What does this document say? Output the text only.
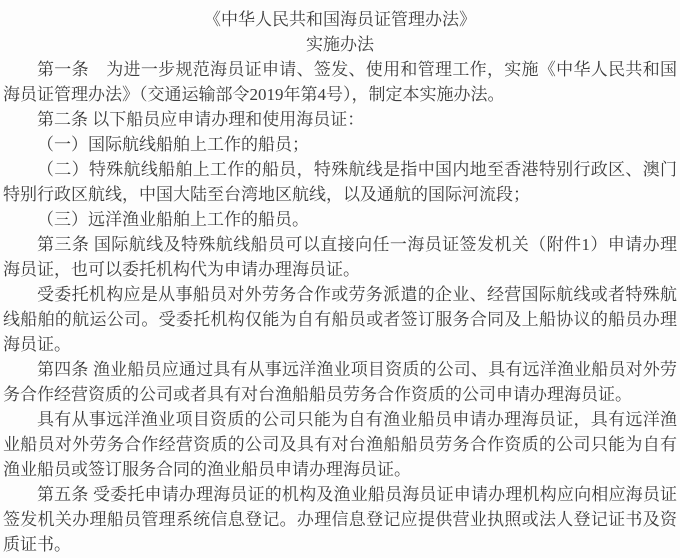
《中华人民共和国海员证管理办法》
实施办法

第一条　为进一步规范海员证申请、签发、使用和管理工作，实施《中华人民共和国海员证管理办法》（交通运输部令2019年第4号），制定本实施办法。

第二条 以下船员应申请办理和使用海员证：

（一）国际航线船舶上工作的船员；

（二）特殊航线船舶上工作的船员，特殊航线是指中国内地至香港特别行政区、澳门特别行政区航线，中国大陆至台湾地区航线，以及通航的国际河流段；

（三）远洋渔业船舶上工作的船员。

第三条 国际航线及特殊航线船员可以直接向任一海员证签发机关（附件1）申请办理海员证，也可以委托机构代为申请办理海员证。

受委托机构应是从事船员对外劳务合作或劳务派遣的企业、经营国际航线或者特殊航线船舶的航运公司。受委托机构仅能为自有船员或者签订服务合同及上船协议的船员办理海员证。

第四条 渔业船员应通过具有从事远洋渔业项目资质的公司、具有远洋渔业船员对外劳务合作经营资质的公司或者具有对台渔船船员劳务合作资质的公司申请办理海员证。

具有从事远洋渔业项目资质的公司只能为自有渔业船员申请办理海员证，具有远洋渔业船员对外劳务合作经营资质的公司及具有对台渔船船员劳务合作资质的公司只能为自有渔业船员或签订服务合同的渔业船员申请办理海员证。

第五条 受委托申请办理海员证的机构及渔业船员海员证申请办理机构应向相应海员证签发机关办理船员管理系统信息登记。办理信息登记应提供营业执照或法人登记证书及资质证书。
